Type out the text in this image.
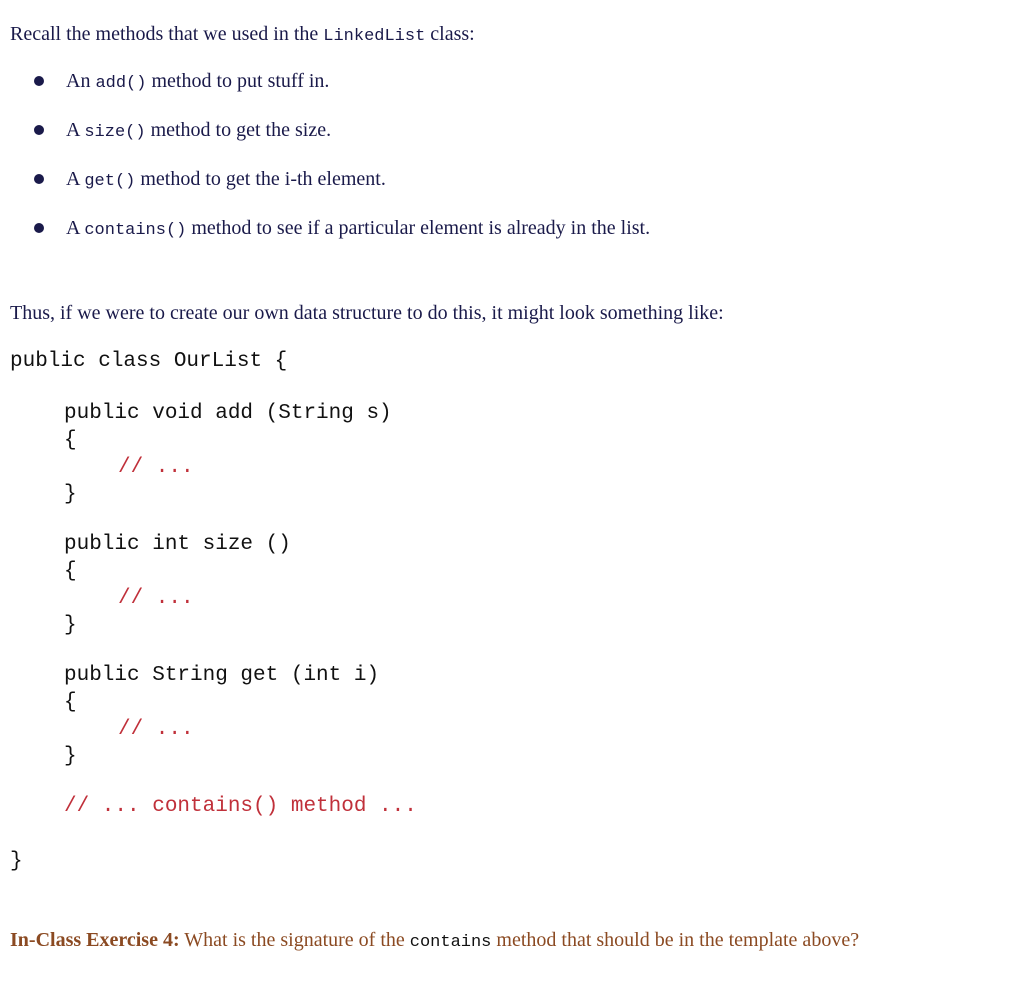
Recall the methods that we used in the LinkedList class:

An add() method to put stuff in.
A size() method to get the size.
A get() method to get the i-th element.
A contains() method to see if a particular element is already in the list.

Thus, if we were to create our own data structure to do this, it might look something like:

public class OurList {
public void add (String s)
{
// ...
}
public int size ()
{
// ...
}
public String get (int i)
{
// ...
}
// ... contains() method ...
}

In-Class Exercise 4: What is the signature of the contains method that should be in the template above?
